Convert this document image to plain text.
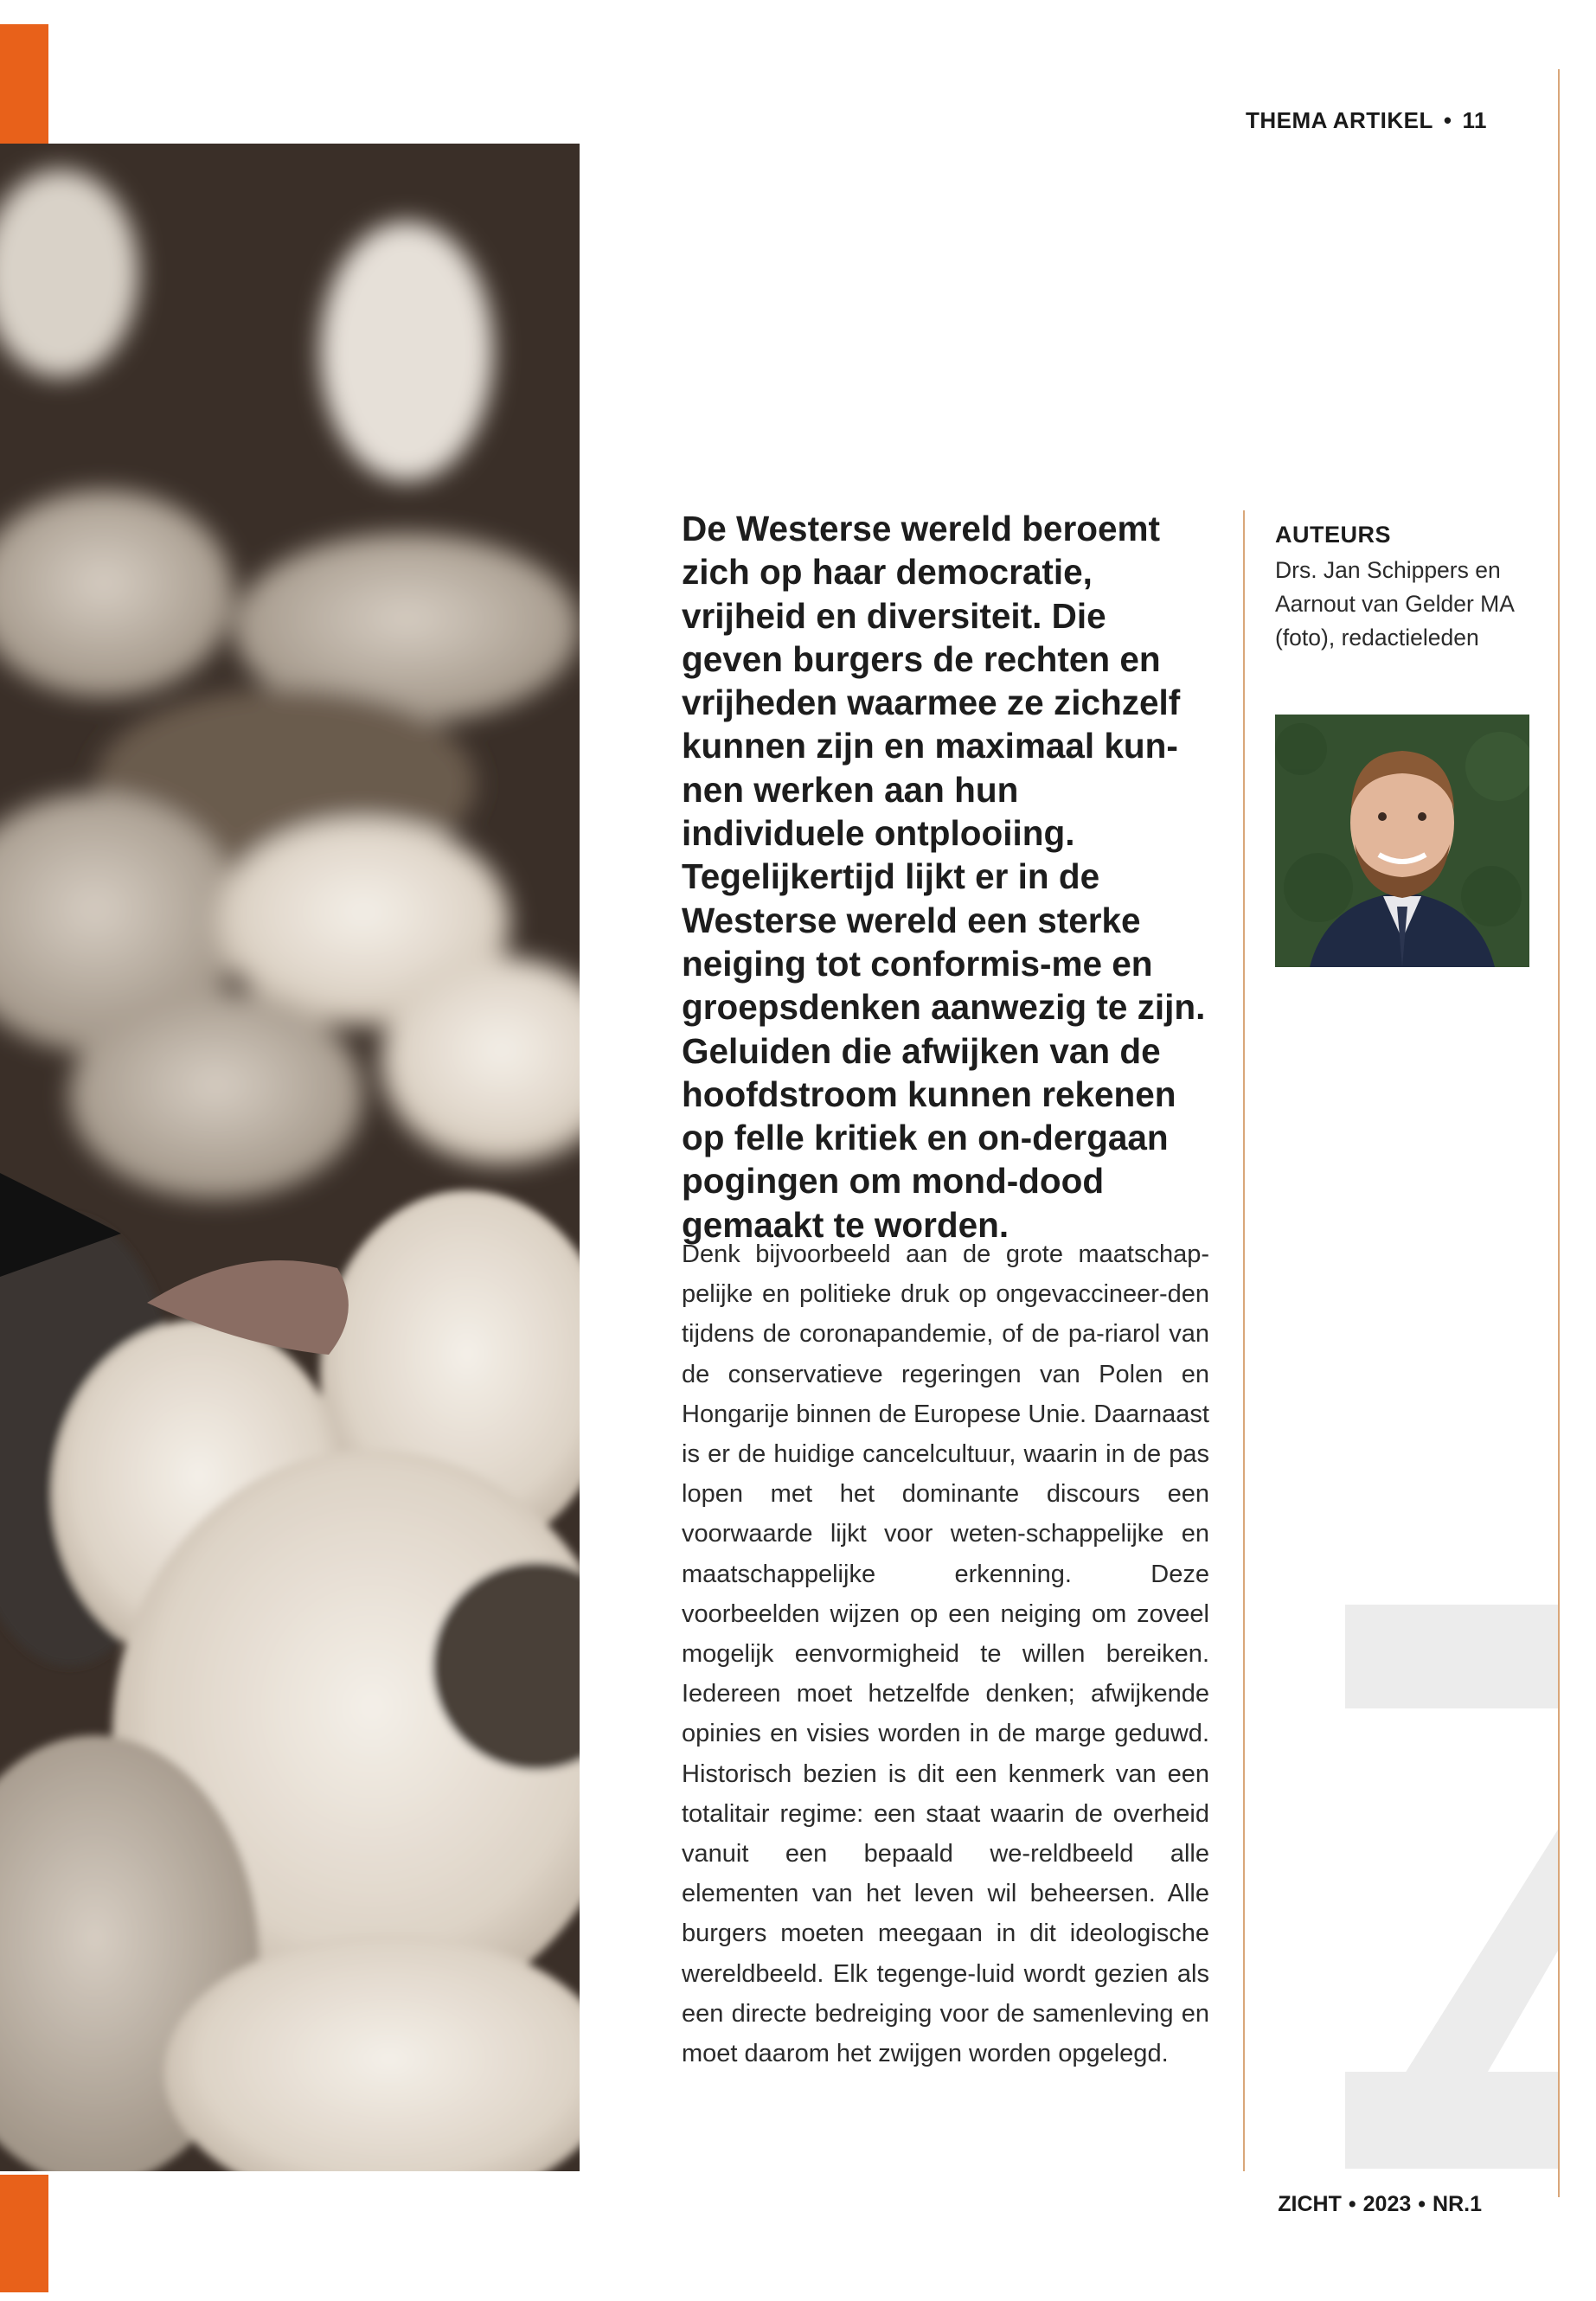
THEMA ARTIKEL • 11

De Westerse wereld beroemt zich op haar democratie, vrijheid en diversiteit. Die geven burgers de rechten en vrijheden waarmee ze zichzelf kunnen zijn en maximaal kun-nen werken aan hun individuele ontplooiing. Tegelijkertijd lijkt er in de Westerse wereld een sterke neiging tot conformis-me en groepsdenken aanwezig te zijn. Geluiden die afwijken van de hoofdstroom kunnen rekenen op felle kritiek en on-dergaan pogingen om mond-dood gemaakt te worden.

Denk bijvoorbeeld aan de grote maatschap-pelijke en politieke druk op ongevaccineer-den tijdens de coronapandemie, of de pa-riarol van de conservatieve regeringen van Polen en Hongarije binnen de Europese Unie. Daarnaast is er de huidige cancelcultuur, waarin in de pas lopen met het dominante discours een voorwaarde lijkt voor weten-schappelijke en maatschappelijke erkenning. Deze voorbeelden wijzen op een neiging om zoveel mogelijk eenvormigheid te willen bereiken. Iedereen moet hetzelfde denken; afwijkende opinies en visies worden in de marge geduwd. Historisch bezien is dit een kenmerk van een totalitair regime: een staat waarin de overheid vanuit een bepaald we-reldbeeld alle elementen van het leven wil beheersen. Alle burgers moeten meegaan in dit ideologische wereldbeeld. Elk tegenge-luid wordt gezien als een directe bedreiging voor de samenleving en moet daarom het zwijgen worden opgelegd.

AUTEURS
Drs. Jan Schippers en Aarnout van Gelder MA (foto), redactieleden
ZICHT • 2023 • NR.1
